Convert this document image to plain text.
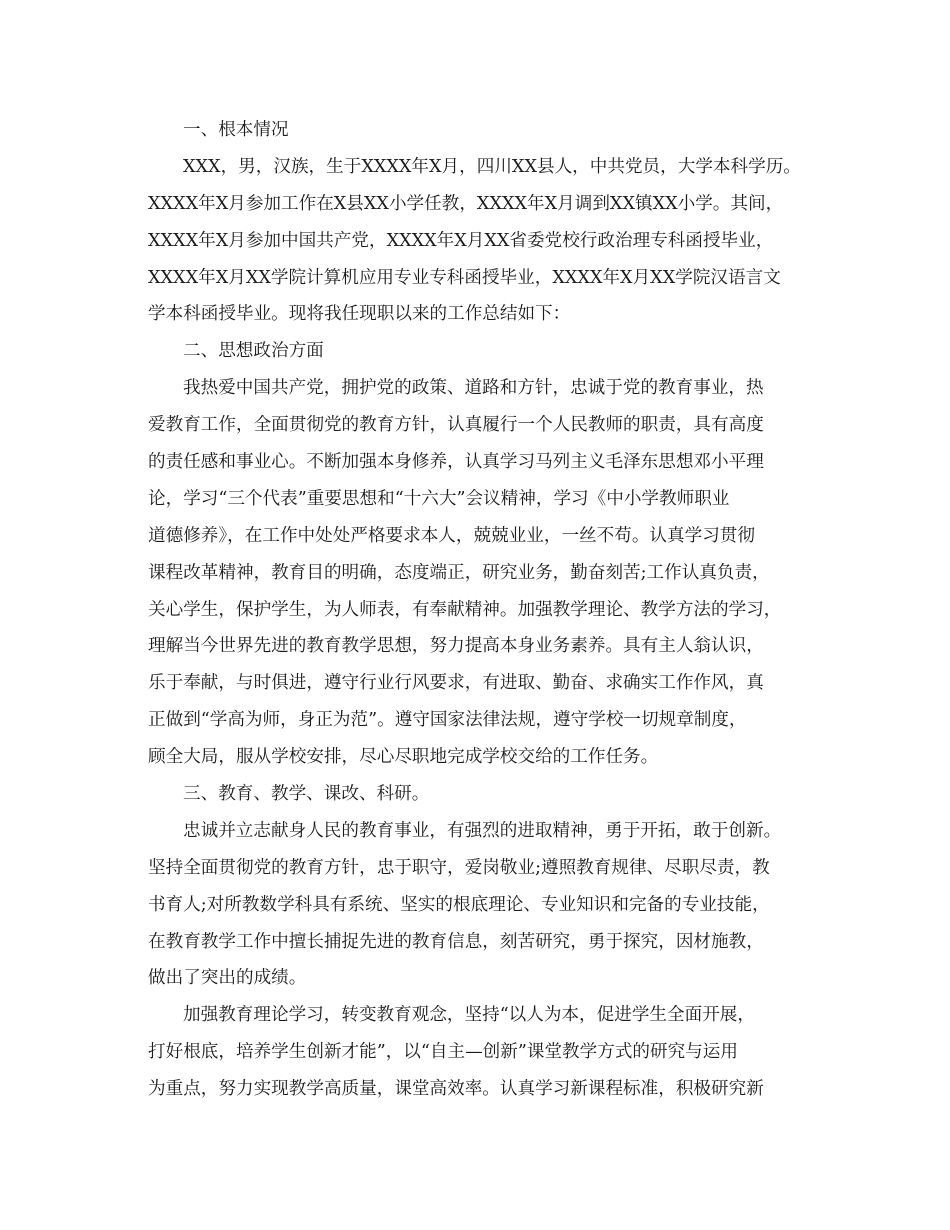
一、根本情况
XXX，男，汉族，生于XXXX年X月，四川XX县人，中共党员，大学本科学历。
XXXX年X月参加工作在X县XX小学任教，XXXX年X月调到XX镇XX小学。其间，
XXXX年X月参加中国共产党，XXXX年X月XX省委党校行政治理专科函授毕业，
XXXX年X月XX学院计算机应用专业专科函授毕业，XXXX年X月XX学院汉语言文
学本科函授毕业。现将我任现职以来的工作总结如下：
二、思想政治方面
我热爱中国共产党，拥护党的政策、道路和方针，忠诚于党的教育事业，热
爱教育工作，全面贯彻党的教育方针，认真履行一个人民教师的职责，具有高度
的责任感和事业心。不断加强本身修养，认真学习马列主义毛泽东思想邓小平理
论，学习“三个代表”重要思想和“十六大”会议精神，学习《中小学教师职业
道德修养》，在工作中处处严格要求本人，兢兢业业，一丝不苟。认真学习贯彻
课程改革精神，教育目的明确，态度端正，研究业务，勤奋刻苦;工作认真负责，
关心学生，保护学生，为人师表，有奉献精神。加强教学理论、教学方法的学习，
理解当今世界先进的教育教学思想，努力提高本身业务素养。具有主人翁认识，
乐于奉献，与时俱进，遵守行业行风要求，有进取、勤奋、求确实工作作风，真
正做到“学高为师，身正为范”。遵守国家法律法规，遵守学校一切规章制度，
顾全大局，服从学校安排，尽心尽职地完成学校交给的工作任务。
三、教育、教学、课改、科研。
忠诚并立志献身人民的教育事业，有强烈的进取精神，勇于开拓，敢于创新。
坚持全面贯彻党的教育方针，忠于职守，爱岗敬业;遵照教育规律、尽职尽责，教
书育人;对所教数学科具有系统、坚实的根底理论、专业知识和完备的专业技能，
在教育教学工作中擅长捕捉先进的教育信息，刻苦研究，勇于探究，因材施教，
做出了突出的成绩。
加强教育理论学习，转变教育观念，坚持“以人为本，促进学生全面开展，
打好根底，培养学生创新才能”，以“自主—创新”课堂教学方式的研究与运用
为重点，努力实现教学高质量，课堂高效率。认真学习新课程标准，积极研究新
